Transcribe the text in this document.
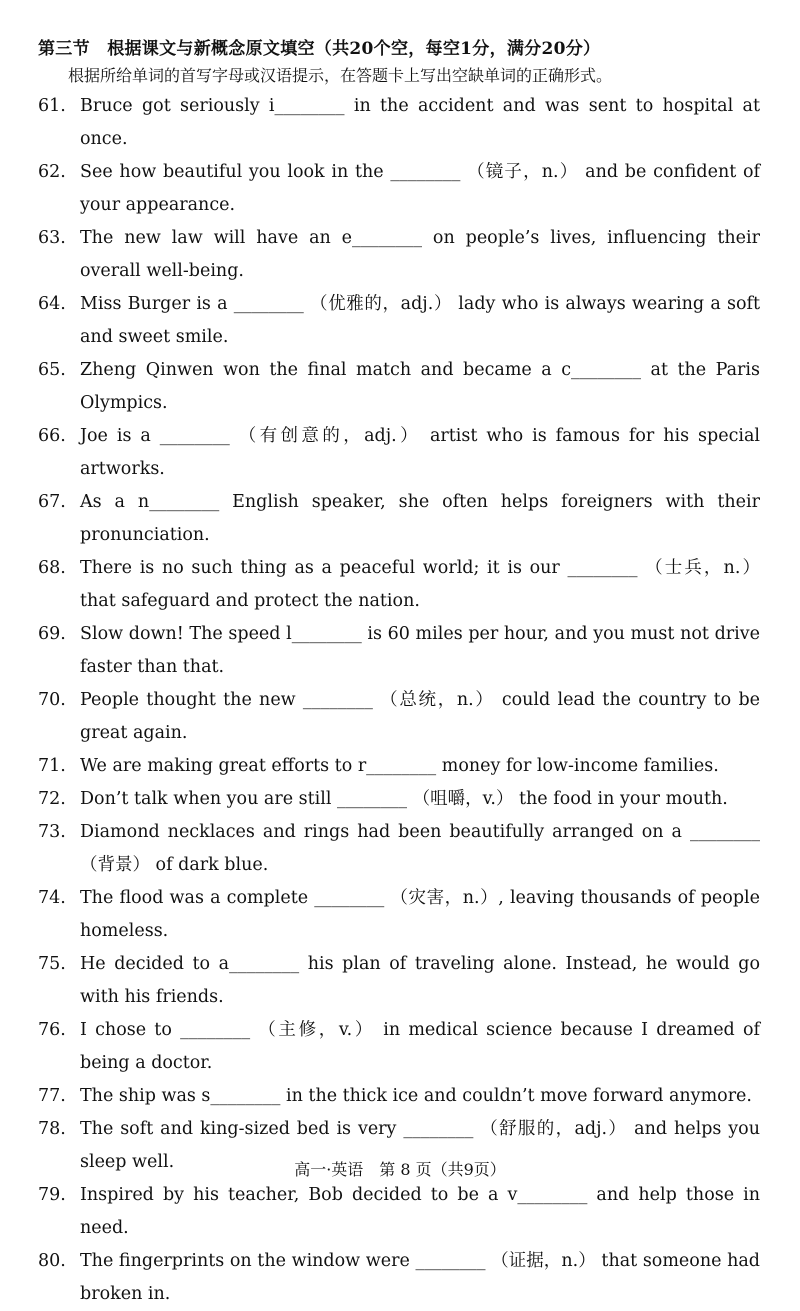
第三节　根据课文与新概念原文填空（共20个空，每空1分，满分20分）
根据所给单词的首写字母或汉语提示，在答题卡上写出空缺单词的正确形式。
61. Bruce got seriously i________ in the accident and was sent to hospital at once.
62. See how beautiful you look in the ________ （镜子，n.） and be confident of your appearance.
63. The new law will have an e________ on people’s lives, influencing their overall well-being.
64. Miss Burger is a ________ （优雅的，adj.） lady who is always wearing a soft and sweet smile.
65. Zheng Qinwen won the final match and became a c________ at the Paris Olympics.
66. Joe is a ________ （有创意的，adj.） artist who is famous for his special artworks.
67. As a n________ English speaker, she often helps foreigners with their pronunciation.
68. There is no such thing as a peaceful world; it is our ________ （士兵，n.） that safeguard and protect the nation.
69. Slow down! The speed l________ is 60 miles per hour, and you must not drive faster than that.
70. People thought the new ________ （总统，n.） could lead the country to be great again.
71. We are making great efforts to r________ money for low-income families.
72. Don’t talk when you are still ________ （咀嚼，v.） the food in your mouth.
73. Diamond necklaces and rings had been beautifully arranged on a ________（背景） of dark blue.
74. The flood was a complete ________ （灾害，n.）, leaving thousands of people homeless.
75. He decided to a________ his plan of traveling alone. Instead, he would go with his friends.
76. I chose to ________ （主修，v.） in medical science because I dreamed of being a doctor.
77. The ship was s________ in the thick ice and couldn’t move forward anymore.
78. The soft and king-sized bed is very ________ （舒服的，adj.） and helps you sleep well.
79. Inspired by his teacher, Bob decided to be a v________ and help those in need.
80. The fingerprints on the window were ________ （证据，n.） that someone had broken in.
高一·英语　第 8 页（共9页）
